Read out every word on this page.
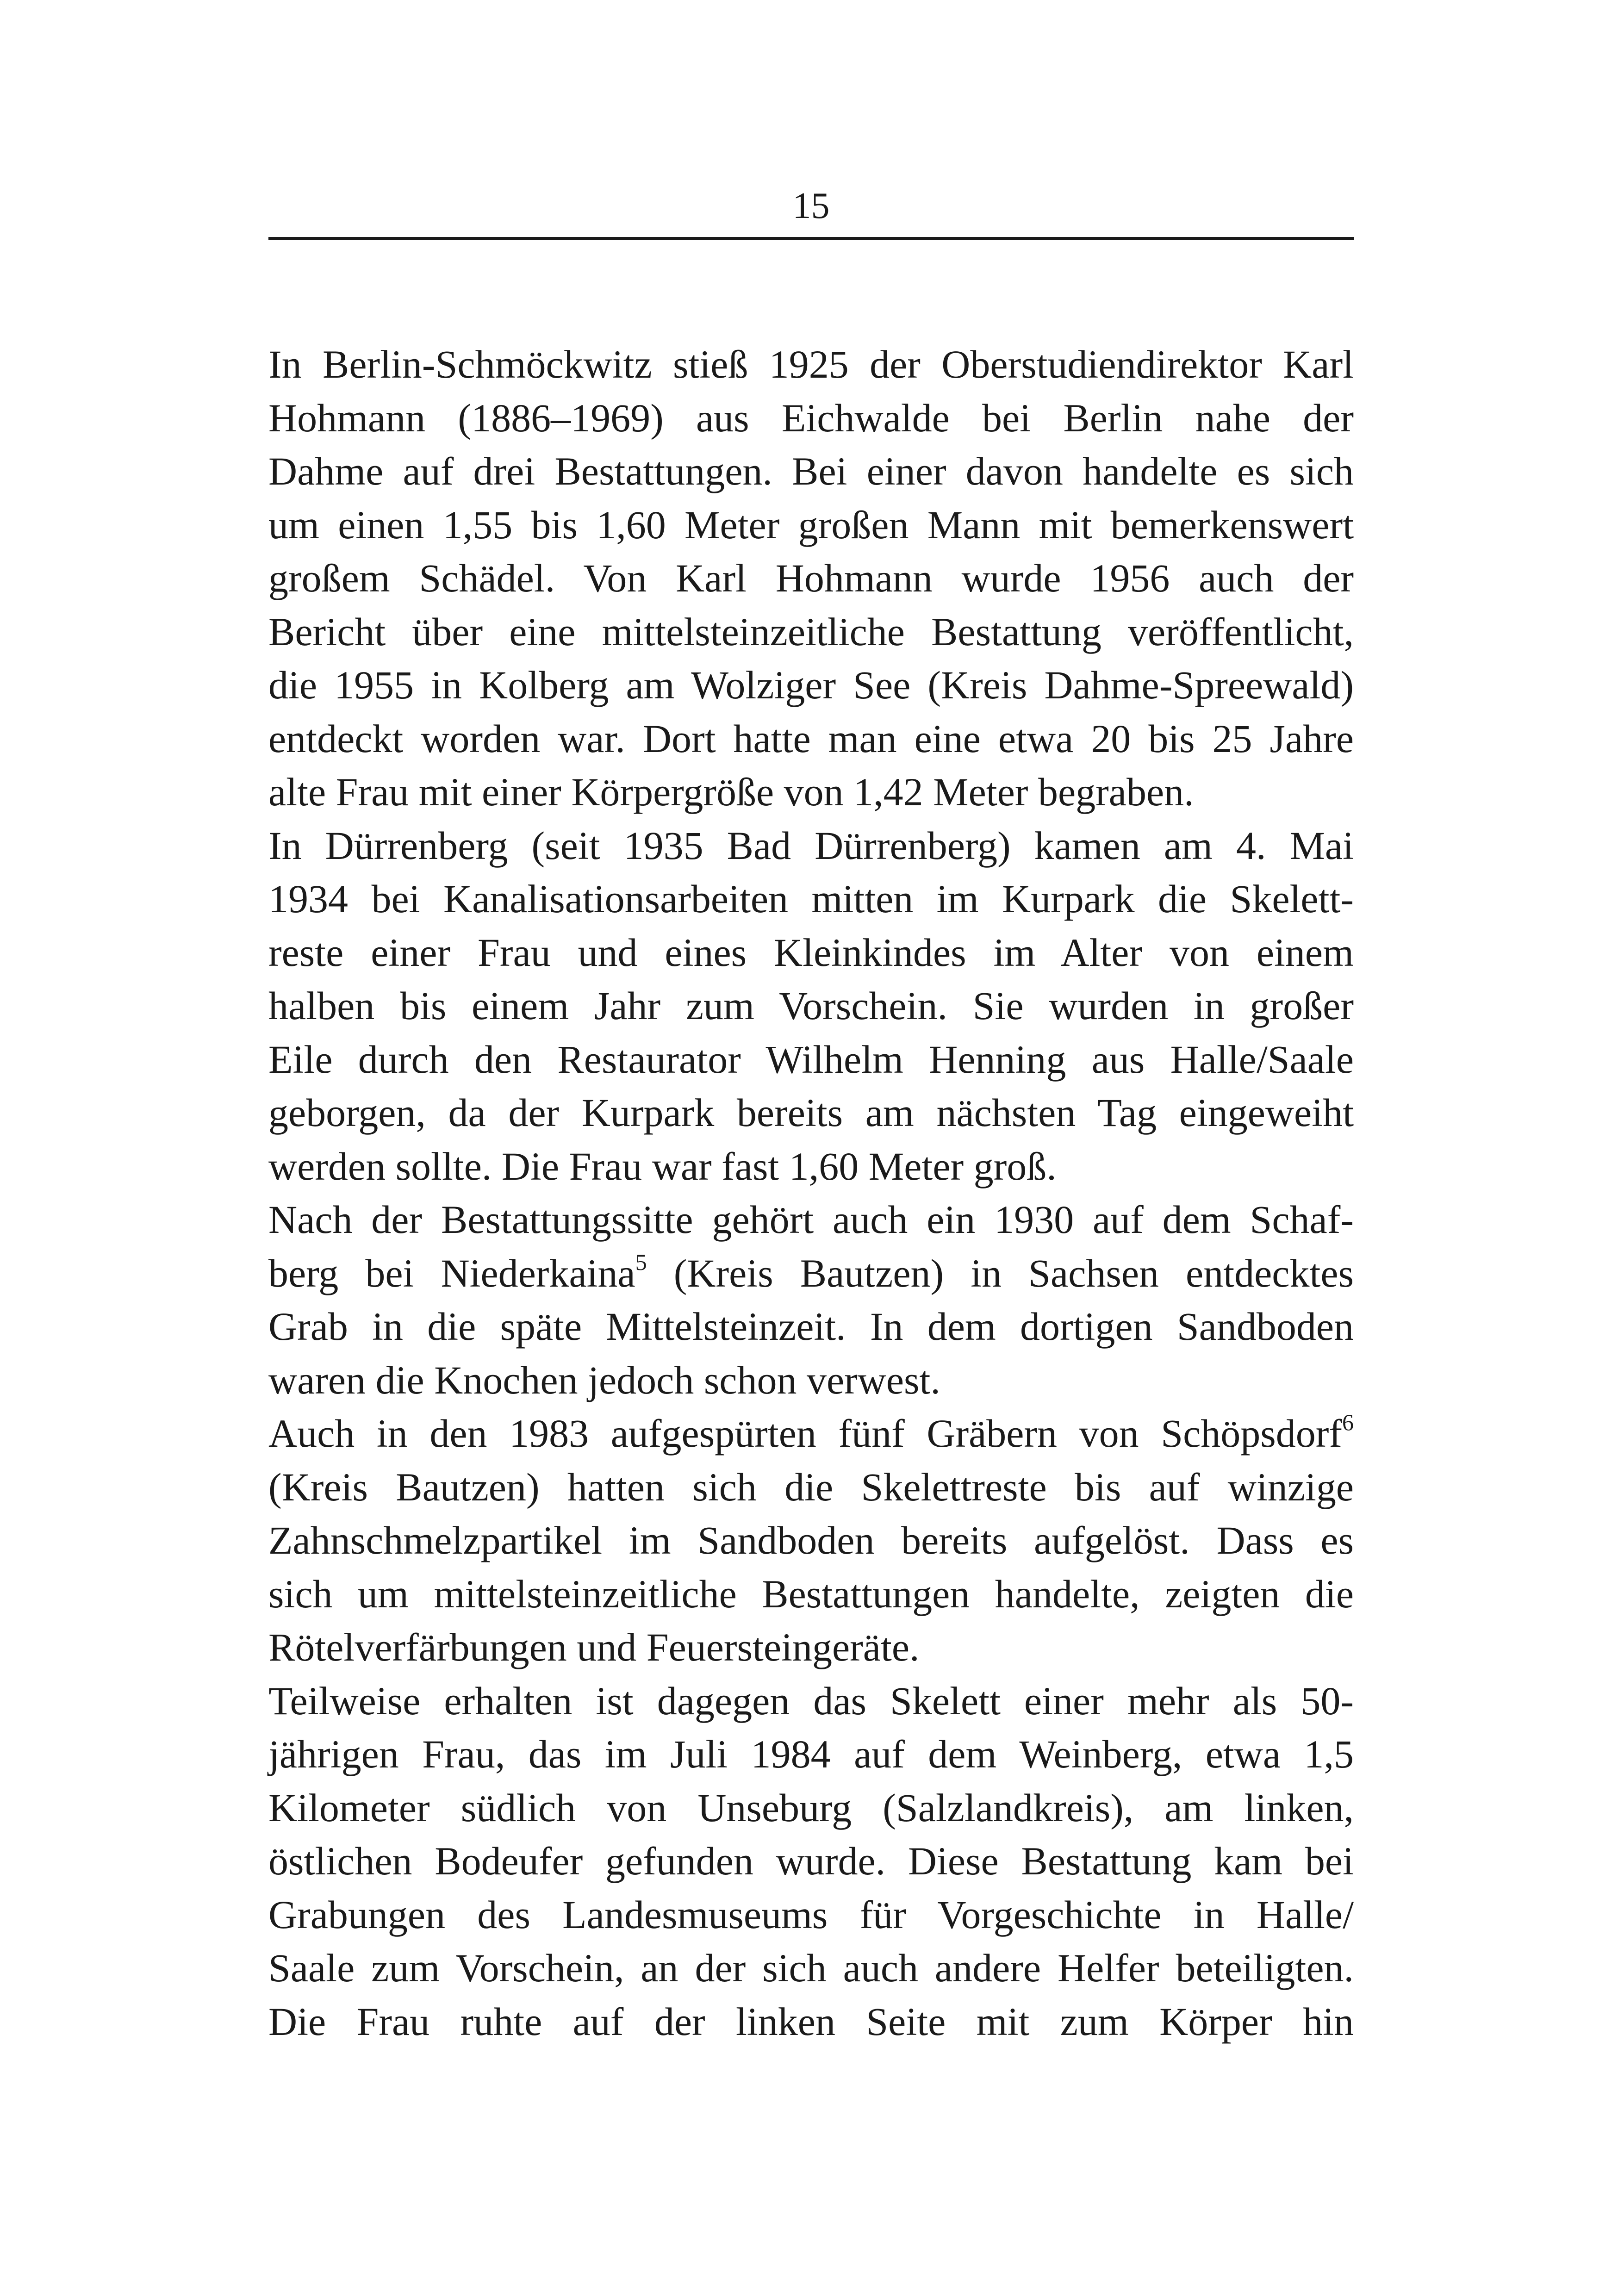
15
In Berlin-Schmöckwitz stieß 1925 der Oberstudiendirektor Karl
Hohmann (1886–1969) aus Eichwalde bei Berlin nahe der
Dahme auf drei Bestattungen. Bei einer davon handelte es sich
um einen 1,55 bis 1,60 Meter großen Mann mit bemerkenswert
großem Schädel. Von Karl Hohmann wurde 1956 auch der
Bericht über eine mittelsteinzeitliche Bestattung veröffentlicht,
die 1955 in Kolberg am Wolziger See (Kreis Dahme-Spreewald)
entdeckt worden war. Dort hatte man eine etwa 20 bis 25 Jahre
alte Frau mit einer Körpergröße von 1,42 Meter begraben.
In Dürrenberg (seit 1935 Bad Dürrenberg) kamen am 4. Mai
1934 bei Kanalisationsarbeiten mitten im Kurpark die Skelett-
reste einer Frau und eines Kleinkindes im Alter von einem
halben bis einem Jahr zum Vorschein. Sie wurden in großer
Eile durch den Restaurator Wilhelm Henning aus Halle/Saale
geborgen, da der Kurpark bereits am nächsten Tag eingeweiht
werden sollte. Die Frau war fast 1,60 Meter groß.
Nach der Bestattungssitte gehört auch ein 1930 auf dem Schaf-
berg bei Niederkaina$^5$ (Kreis Bautzen) in Sachsen entdecktes
Grab in die späte Mittelsteinzeit. In dem dortigen Sandboden
waren die Knochen jedoch schon verwest.
Auch in den 1983 aufgespürten fünf Gräbern von Schöpsdorf$^6$
(Kreis Bautzen) hatten sich die Skelettreste bis auf winzige
Zahnschmelzpartikel im Sandboden bereits aufgelöst. Dass es
sich um mittelsteinzeitliche Bestattungen handelte, zeigten die
Rötelverfärbungen und Feuersteingeräte.
Teilweise erhalten ist dagegen das Skelett einer mehr als 50-
jährigen Frau, das im Juli 1984 auf dem Weinberg, etwa 1,5
Kilometer südlich von Unseburg (Salzlandkreis), am linken,
östlichen Bodeufer gefunden wurde. Diese Bestattung kam bei
Grabungen des Landesmuseums für Vorgeschichte in Halle/
Saale zum Vorschein, an der sich auch andere Helfer beteiligten.
Die Frau ruhte auf der linken Seite mit zum Körper hin
